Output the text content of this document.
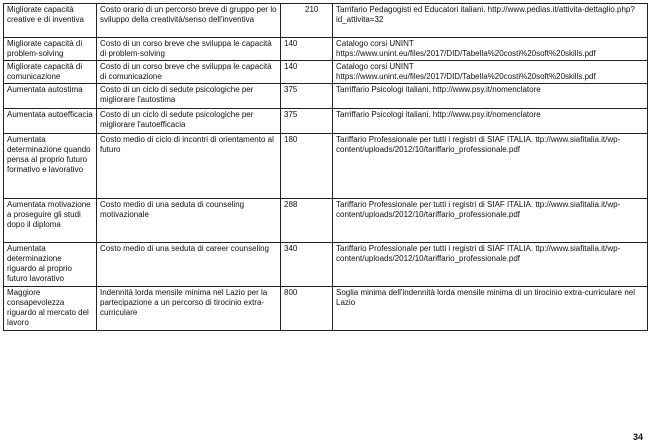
Migliorate capacità creative e di inventiva	Costo orario di un percorso breve di gruppo per lo sviluppo della creatività/senso dell'inventiva	210	Tarrifario Pedagogisti ed Educatori italiani. http://www.pedias.it/attivita-dettaglio.php?id_attivita=32
Migliorate capacità di problem-solving	Costo di un corso breve che sviluppa le capacità di problem-solving	140	Catalogo corsi UNINT https://www.unint.eu/files/2017/DID/Tabella%20costi%20soft%20skills.pdf
Migliorate capacità di comunicazione	Costo di un corso breve che sviluppa le capacità di comunicazione	140	Catalogo corsi UNINT https://www.unint.eu/files/2017/DID/Tabella%20costi%20soft%20skills.pdf
Aumentata autostima	Costo di un ciclo di sedute psicologiche per migliorare l'autostima	375	Tarriffario Psicologi italiani. http://www.psy.it/nomenclatore
Aumentata autoefficacia	Costo di un ciclo di sedute psicologiche per migliorare l'autoefficacia	375	Tarriffario Psicologi italiani. http://www.psy.it/nomenclatore
Aumentata determinazione quando pensa al proprio futuro formativo e lavorativo	Costo medio di ciclo di incontri di orientamento al futuro	180	Tariffario Professionale per tutti i registri di SIAF ITALIA. ttp://www.siafitalia.it/wp-content/uploads/2012/10/tariffario_professionale.pdf
Aumentata motivazione a proseguire gli studi dopo il diploma	Costo medio di una seduta di counseling motivazionale	288	Tariffario Professionale per tutti i registri di SIAF ITALIA. ttp://www.siafitalia.it/wp-content/uploads/2012/10/tariffario_professionale.pdf
Aumentata determinazione riguardo al proprio futuro lavorativo	Costo medio di una seduta di career counseling	340	Tariffario Professionale per tutti i registri di SIAF ITALIA. ttp://www.siafitalia.it/wp-content/uploads/2012/10/tariffario_professionale.pdf
Maggiore consapevolezza riguardo al mercato del lavoro	Indennità lorda mensile minima nel Lazio per la partecipazione a un percorso di tirocinio extra-curriculare	800	Soglia minima dell'indennità lorda mensile minima di un tirocinio extra-curriculare nel Lazio
34
